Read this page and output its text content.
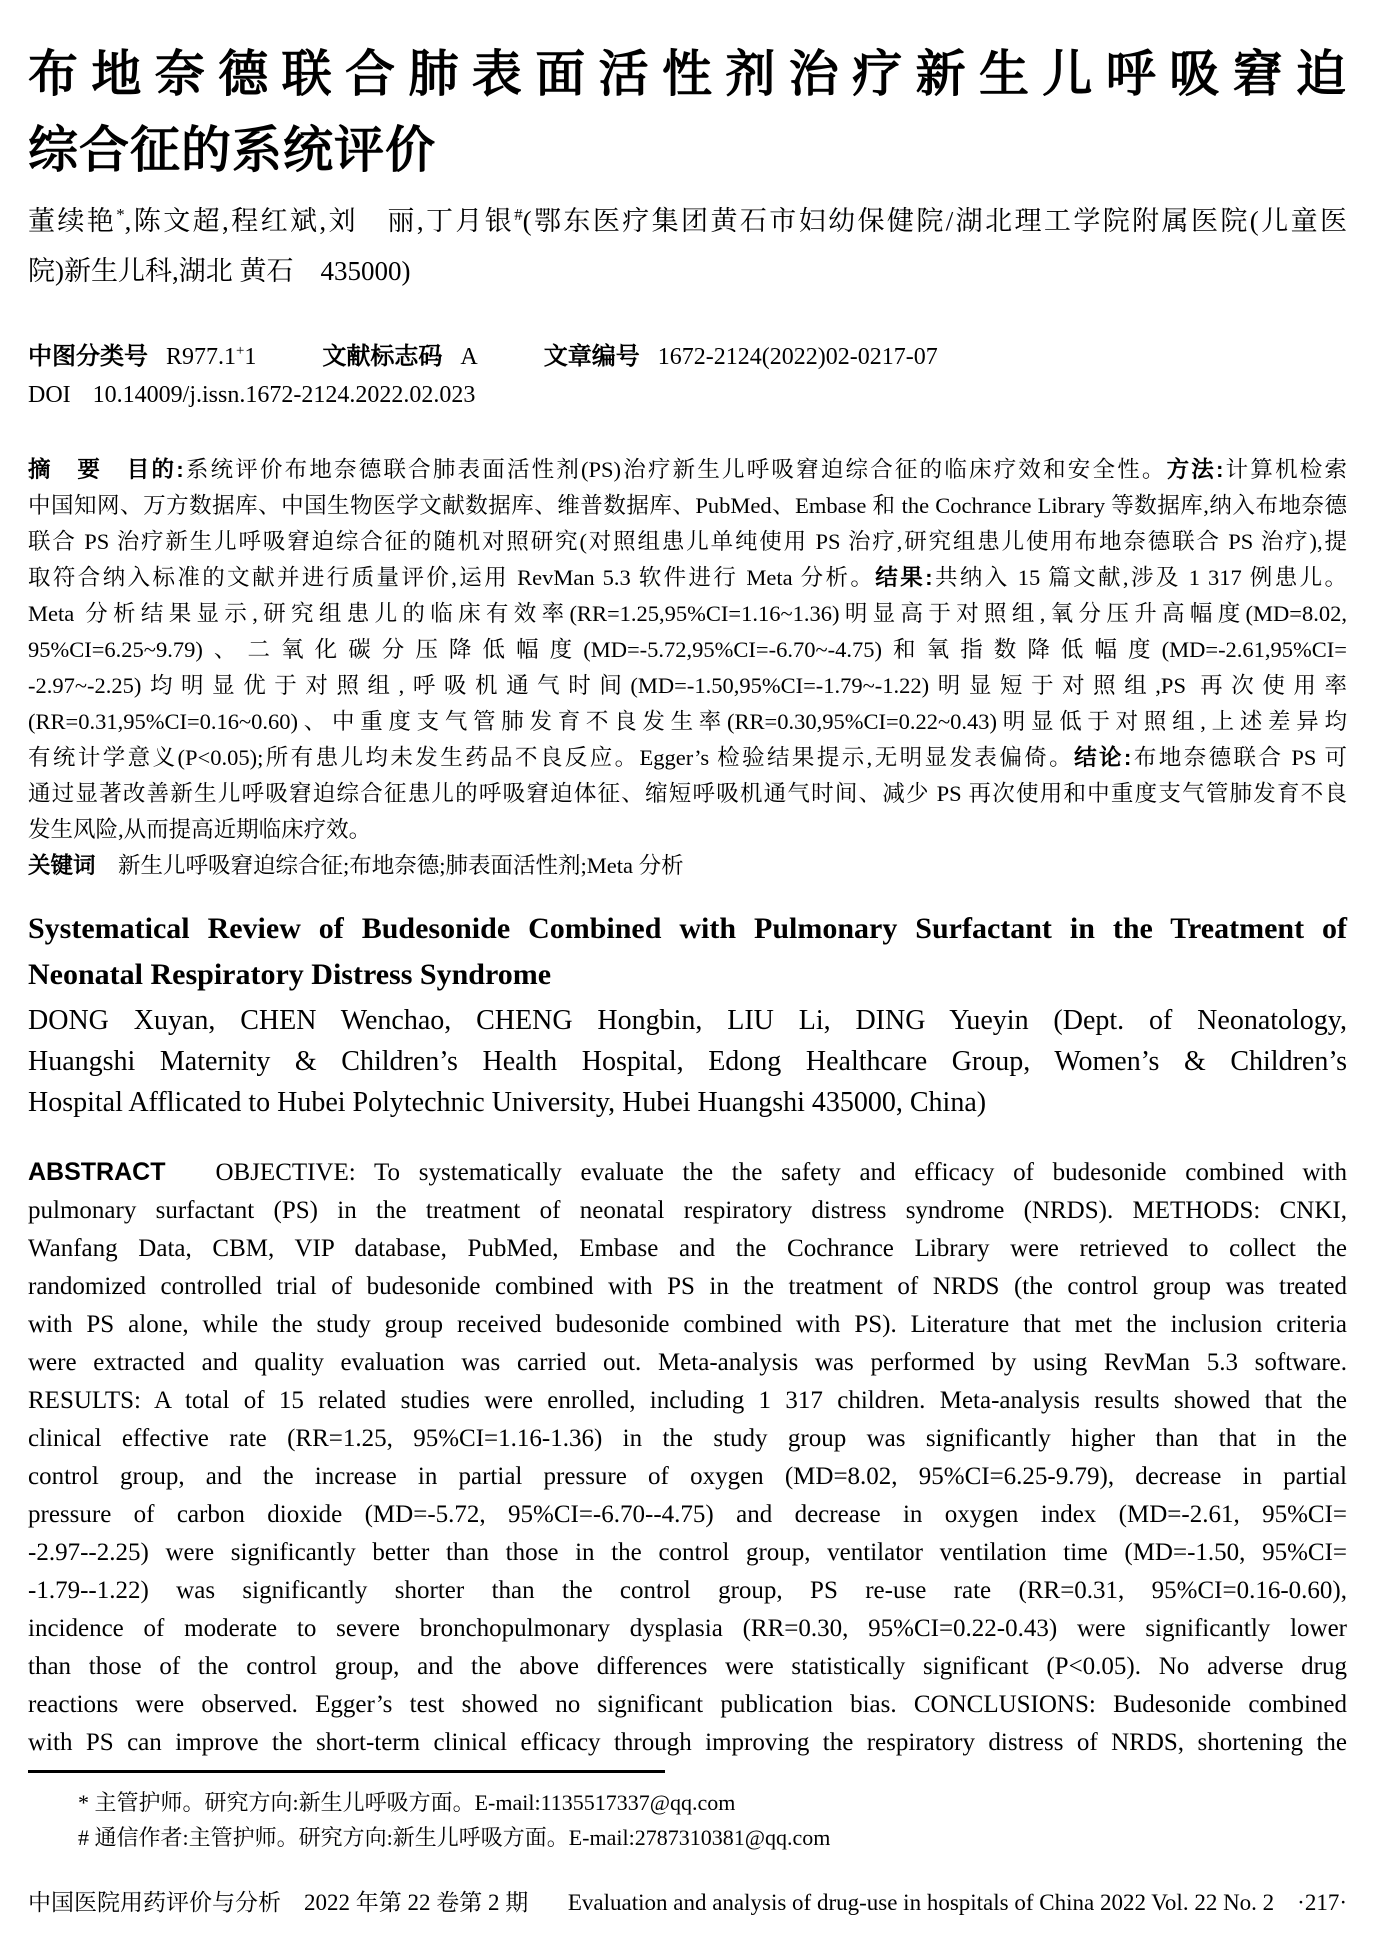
布地奈德联合肺表面活性剂治疗新生儿呼吸窘迫
综合征的系统评价
董续艳*,陈文超,程红斌,刘　丽,丁月银#(鄂东医疗集团黄石市妇幼保健院/湖北理工学院附属医院(儿童医
院)新生儿科,湖北 黄石　435000)
中图分类号 R977.1+1	文献标志码 A	文章编号 1672-2124(2022)02-0217-07
DOI 10.14009/j.issn.1672-2124.2022.02.023
摘　要　目的:系统评价布地奈德联合肺表面活性剂(PS)治疗新生儿呼吸窘迫综合征的临床疗效和安全性。方法:计算机检索
中国知网、万方数据库、中国生物医学文献数据库、维普数据库、PubMed、Embase 和 the Cochrance Library 等数据库,纳入布地奈德
联合 PS 治疗新生儿呼吸窘迫综合征的随机对照研究(对照组患儿单纯使用 PS 治疗,研究组患儿使用布地奈德联合 PS 治疗),提
取符合纳入标准的文献并进行质量评价,运用 RevMan 5.3 软件进行 Meta 分析。结果:共纳入 15 篇文献,涉及 1 317 例患儿。
Meta 分析结果显示,研究组患儿的临床有效率(RR=1.25,95%CI=1.16~1.36)明显高于对照组,氧分压升高幅度(MD=8.02,
95%CI=6.25~9.79)、二氧化碳分压降低幅度(MD=-5.72,95%CI=-6.70~-4.75)和氧指数降低幅度(MD=-2.61,95%CI=
-2.97~-2.25)均明显优于对照组,呼吸机通气时间(MD=-1.50,95%CI=-1.79~-1.22)明显短于对照组,PS 再次使用率
(RR=0.31,95%CI=0.16~0.60)、中重度支气管肺发育不良发生率(RR=0.30,95%CI=0.22~0.43)明显低于对照组,上述差异均
有统计学意义(P<0.05);所有患儿均未发生药品不良反应。Egger’s 检验结果提示,无明显发表偏倚。结论:布地奈德联合 PS 可
通过显著改善新生儿呼吸窘迫综合征患儿的呼吸窘迫体征、缩短呼吸机通气时间、减少 PS 再次使用和中重度支气管肺发育不良
发生风险,从而提高近期临床疗效。
关键词　新生儿呼吸窘迫综合征;布地奈德;肺表面活性剂;Meta 分析
Systematical Review of Budesonide Combined with Pulmonary Surfactant in the Treatment of
Neonatal Respiratory Distress Syndrome
DONG Xuyan, CHEN Wenchao, CHENG Hongbin, LIU Li, DING Yueyin (Dept. of Neonatology,
Huangshi Maternity & Children’s Health Hospital, Edong Healthcare Group, Women’s & Children’s
Hospital Afflicated to Hubei Polytechnic University, Hubei Huangshi 435000, China)
ABSTRACT　OBJECTIVE: To systematically evaluate the the safety and efficacy of budesonide combined with
pulmonary surfactant (PS) in the treatment of neonatal respiratory distress syndrome (NRDS). METHODS: CNKI,
Wanfang Data, CBM, VIP database, PubMed, Embase and the Cochrance Library were retrieved to collect the
randomized controlled trial of budesonide combined with PS in the treatment of NRDS (the control group was treated
with PS alone, while the study group received budesonide combined with PS). Literature that met the inclusion criteria
were extracted and quality evaluation was carried out. Meta-analysis was performed by using RevMan 5.3 software.
RESULTS: A total of 15 related studies were enrolled, including 1 317 children. Meta-analysis results showed that the
clinical effective rate (RR=1.25, 95%CI=1.16-1.36) in the study group was significantly higher than that in the
control group, and the increase in partial pressure of oxygen (MD=8.02, 95%CI=6.25-9.79), decrease in partial
pressure of carbon dioxide (MD=-5.72, 95%CI=-6.70--4.75) and decrease in oxygen index (MD=-2.61, 95%CI=
-2.97--2.25) were significantly better than those in the control group, ventilator ventilation time (MD=-1.50, 95%CI=
-1.79--1.22) was significantly shorter than the control group, PS re-use rate (RR=0.31, 95%CI=0.16-0.60),
incidence of moderate to severe bronchopulmonary dysplasia (RR=0.30, 95%CI=0.22-0.43) were significantly lower
than those of the control group, and the above differences were statistically significant (P<0.05). No adverse drug
reactions were observed. Egger’s test showed no significant publication bias. CONCLUSIONS: Budesonide combined
with PS can improve the short-term clinical efficacy through improving the respiratory distress of NRDS, shortening the
* 主管护师。研究方向:新生儿呼吸方面。E-mail:1135517337@qq.com
# 通信作者:主管护师。研究方向:新生儿呼吸方面。E-mail:2787310381@qq.com
中国医院用药评价与分析　2022 年第 22 卷第 2 期 Evaluation and analysis of drug-use in hospitals of China 2022 Vol. 22 No. 2　·217·
